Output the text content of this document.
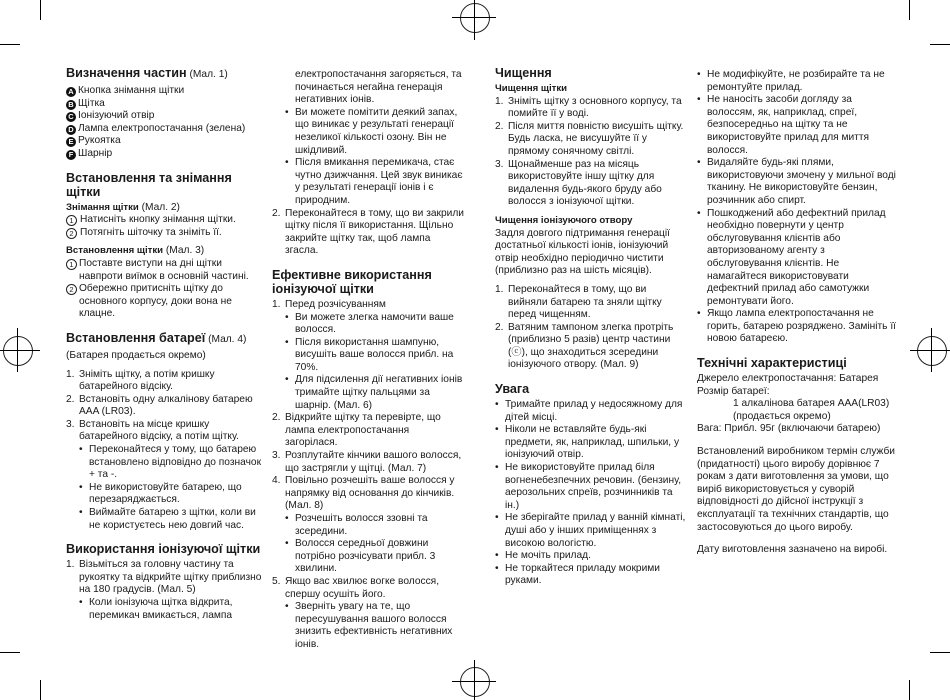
Визначення частин (Мал. 1)

A Кнопка знімання щітки

B Щітка

C Іонізуючий отвір

D Лампа електропостачання (зелена)

E Рукоятка

F Шарнір

Встановлення та знімання щітки

Знімання щітки (Мал. 2)

1 Натисніть кнопку знімання щітки.

2 Потягніть шіточку та зніміть її.

Встановлення щітки (Мал. 3)

1 Поставте виступи на дні щітки навпроти виїмок в основній частині.
2 Обережно притисніть щітку до основного корпусу, доки вона не клацне.
Встановлення батареї (Мал. 4)

(Батарея продається окремо)

1. Зніміть щітку, а потім кришку батарейного відсіку.
2. Встановіть одну алкалінову батарею AAA (LR03).
3. Встановіть на місце кришку батарейного відсіку, а потім щітку.
• Переконайтеся у тому, що батарею встановлено відповідно до позначок + та -.
• Не використовуйте батарею, що перезаряджається.
• Виймайте батарею з щітки, коли ви не користуєтесь нею довгий час.
Використання іонізуючої щітки
1. Візьміться за головну частину та рукоятку та відкрийте щітку приблизно на 180 градусів. (Мал. 5)
• Коли іонізуюча щітка відкрита, перемикач вмикається, лампа

електропостачання загоряється, та починається негайна генерація негативних іонів.

• Ви можете помітити деякий запах, що виникає у результаті генерації незеликої кількості озону. Він не шкідливий.
• Після вмикання перемикача, стає чутно дзижчання. Цей звук виникає у результаті генерації іонів і є природним.
2. Переконайтеся в тому, що ви закрили щітку після її використання. Щільно закрийте щітку так, щоб лампа згасла.
Ефективне використання іонізуючої щітки
1. Перед розчісуванням
• Ви можете злегка намочити ваше волосся.
• Після використання шампуню, висушіть ваше волосся прибл. на 70%.
• Для підсилення дії негативних іонів тримайте щітку пальцями за шарнір. (Мал. 6)
2. Відкрийте щітку та перевірте, що лампа електропостачання загорілася.
3. Розплутайте кінчики вашого волосся, що застрягли у щітці. (Мал. 7)
4. Повільно розчешіть ваше волосся у напрямку від основання до кінчиків. (Мал. 8)
• Розчешіть волосся ззовні та зсередини.
• Волосся середньої довжини потрібно розчісувати прибл. 3 хвилини.
5. Якщо вас хвилює вогке волосся, спершу осушіть його.
• Зверніть увагу на те, що пересушування вашого волосся знизить ефективність негативних іонів.
Чищення

Чищення щітки

1. Зніміть щітку з основного корпусу, та помийте її у воді.
2. Після миття повністю висушіть щітку. Будь ласка, не висушуйте її у прямому сонячному світлі.
3. Щонайменше раз на місяць використовуйте іншу щітку для видалення будь-якого бруду або волосся з іонізуючої щітки.

Чищення іонізуючого отвору

Задля довгого підтримання генерації достатньої кількості іонів, іонізуючий отвір необхідно періодично чистити (приблизно раз на шість місяців).

1. Переконайтеся в тому, що ви вийняли батарею та зняли щітку перед чищенням.
2. Ватяним тампоном злегка протріть (приблизно 5 разів) центр частини (ⓒ), що знаходиться зсередини іонізуючого отвору. (Мал. 9)
Увага
• Тримайте прилад у недосяжному для дітей місці.
• Ніколи не вставляйте будь-які предмети, як, наприклад, шпильки, у іонізуючий отвір.
• Не використовуйте прилад біля вогненебезпечних речовин. (бензину, аерозольних спреїв, розчинників та ін.)
• Не зберігайте прилад у ванній кімнаті, душі або у інших приміщеннях з високою вологістю.
• Не мочіть прилад.
• Не торкайтеся приладу мокрими руками.
• Не модифікуйте, не розбирайте та не ремонтуйте прилад.
• Не наносіть засоби догляду за волоссям, як, наприклад, спреї, безпосередньо на щітку та не використовуйте прилад для миття волосся.
• Видаляйте будь-які плями, використовуючи змочену у мильної воді тканину. Не використовуйте бензин, розчинник або спирт.
• Пошкоджений або дефектний прилад необхідно повернути у центр обслуговування клієнтів або авторизованому агенту з обслуговування клієнтів. Не намагайтеся використовувати дефектний прилад або самотужки ремонтувати його.
• Якщо лампа електропостачання не горить, батарею розряджено. Замініть її новою батареєю.
Технічні характеристиці

Джерело електропостачання: Батарея

Розмір батареї:

1 алкалінова батарея AAA(LR03)

(продається окремо)

Вага: Прибл. 95г (включаючи батарею)

Встановлений виробником термін служби (придатності) цього виробу дорівнює 7 рокам з дати виготовлення за умови, що виріб використовується у суворій відповідності до дійсної інструкції з експлуатації та технічних стандартів, що застосовуються до цього виробу.

Дату виготовлення зазначено на виробі.
